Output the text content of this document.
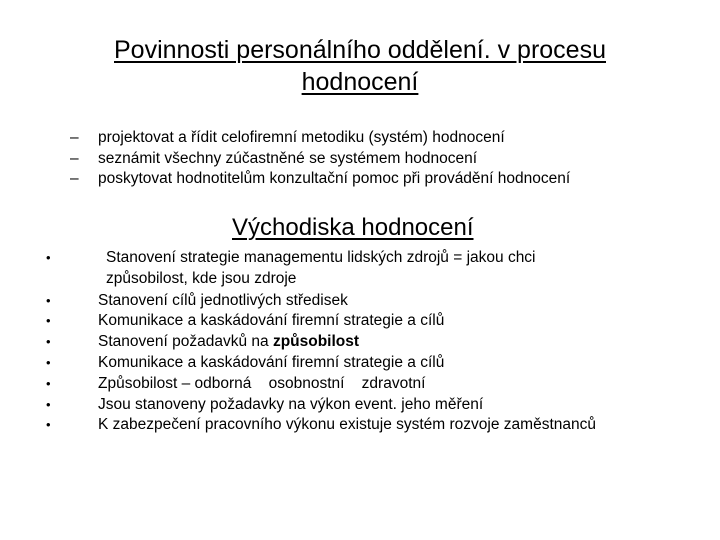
Povinnosti personálního oddělení. v procesu
hodnocení
–	projektovat a řídit celofiremní metodiku (systém) hodnocení
–	seznámit všechny zúčastněné se systémem hodnocení
–	poskytovat hodnotitelům konzultační pomoc při provádění hodnocení
Východiska hodnocení
•	Stanovení strategie managementu lidských zdrojů = jakou chci
způsobilost, kde jsou zdroje
•	Stanovení cílů jednotlivých středisek
•	Komunikace a kaskádování firemní strategie a cílů
•	Stanovení požadavků na způsobilost
•	Komunikace a kaskádování firemní strategie a cílů
•	Způsobilost – odborná    osobnostní    zdravotní
•	Jsou stanoveny požadavky na výkon event. jeho měření
•	K zabezpečení pracovního výkonu existuje systém rozvoje zaměstnanců
